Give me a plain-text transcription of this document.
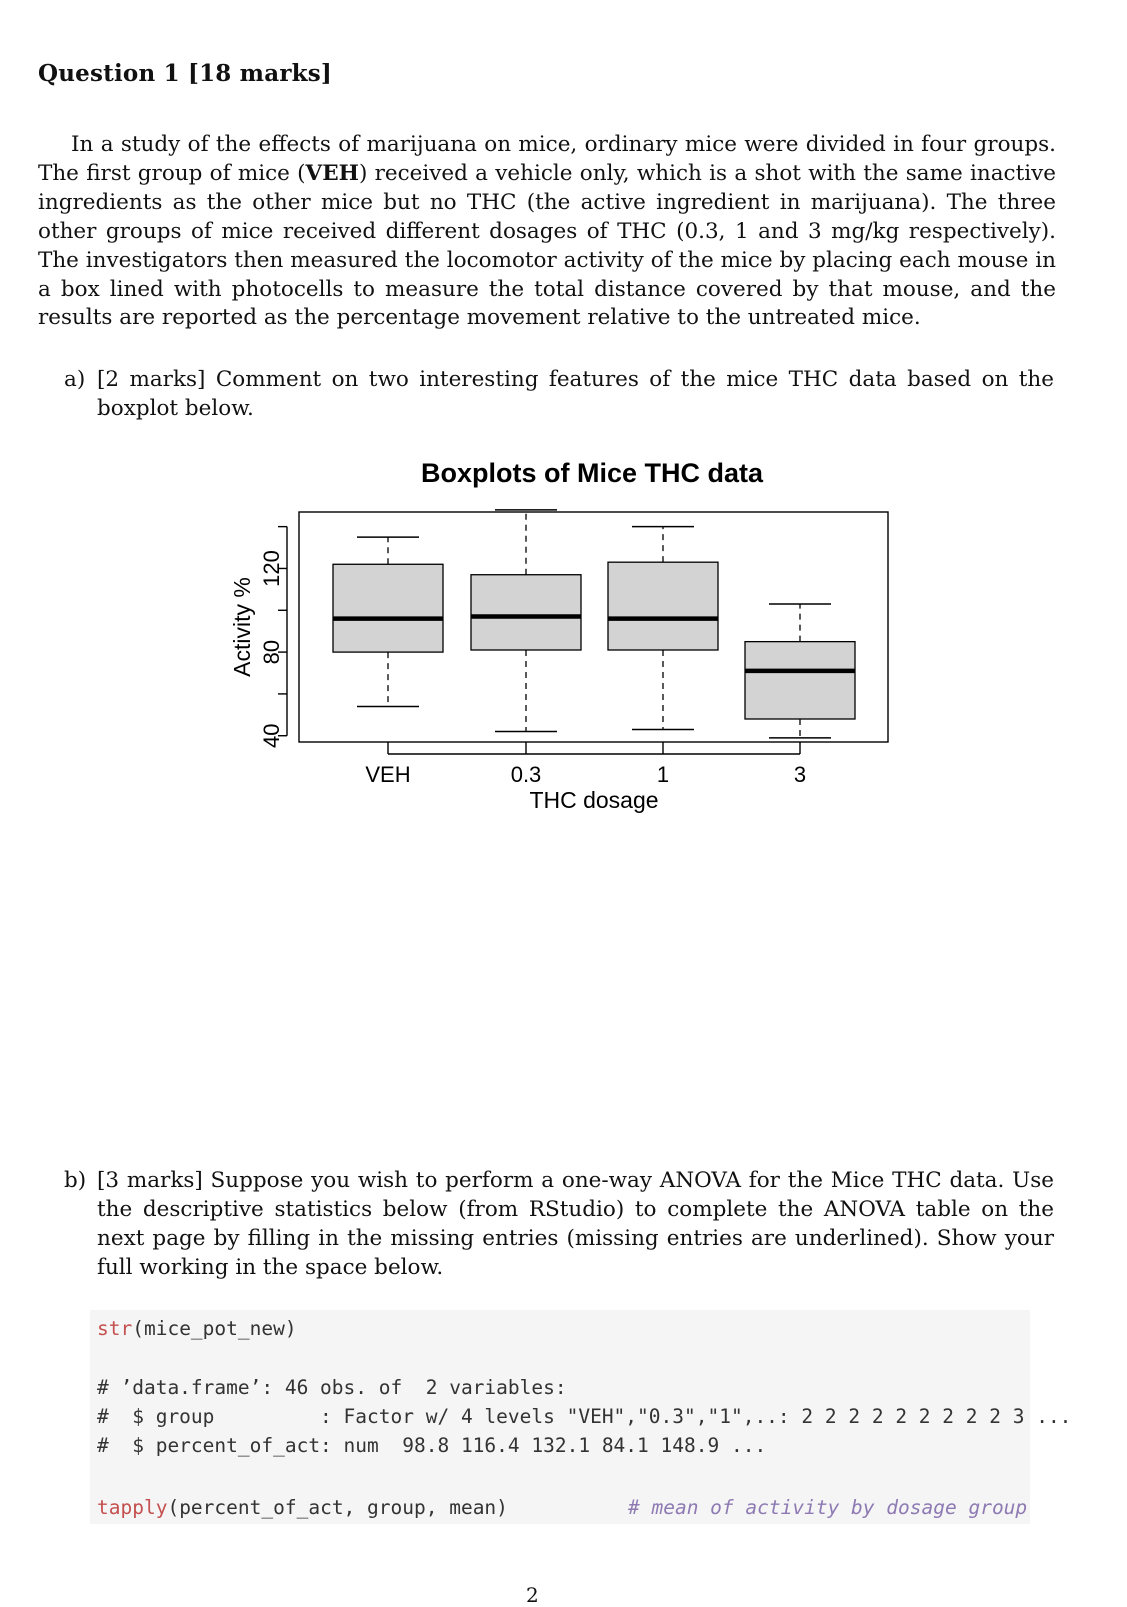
Question 1 [18 marks]
In a study of the effects of marijuana on mice, ordinary mice were divided in four groups. The first group of mice (VEH) received a vehicle only, which is a shot with the same inactive ingredients as the other mice but no THC (the active ingredient in marijuana). The three other groups of mice received different dosages of THC (0.3, 1 and 3 mg/kg respectively). The investigators then measured the locomotor activity of the mice by placing each mouse in a box lined with photocells to measure the total distance covered by that mouse, and the results are reported as the percentage movement relative to the untreated mice.
a) [2 marks] Comment on two interesting features of the mice THC data based on the boxplot below.
Boxplots of Mice THC data
Activity %
THC dosage
40
80
120
VEH	0.3	1	3
b) [3 marks] Suppose you wish to perform a one-way ANOVA for the Mice THC data. Use the descriptive statistics below (from RStudio) to complete the ANOVA table on the next page by filling in the missing entries (missing entries are underlined). Show your full working in the space below.
str(mice_pot_new)
# ’data.frame’: 46 obs. of  2 variables:
#  $ group         : Factor w/ 4 levels "VEH","0.3","1",..: 2 2 2 2 2 2 2 2 2 3 ...
#  $ percent_of_act: num  98.8 116.4 132.1 84.1 148.9 ...
tapply(percent_of_act, group, mean)	# mean of activity by dosage group
2
